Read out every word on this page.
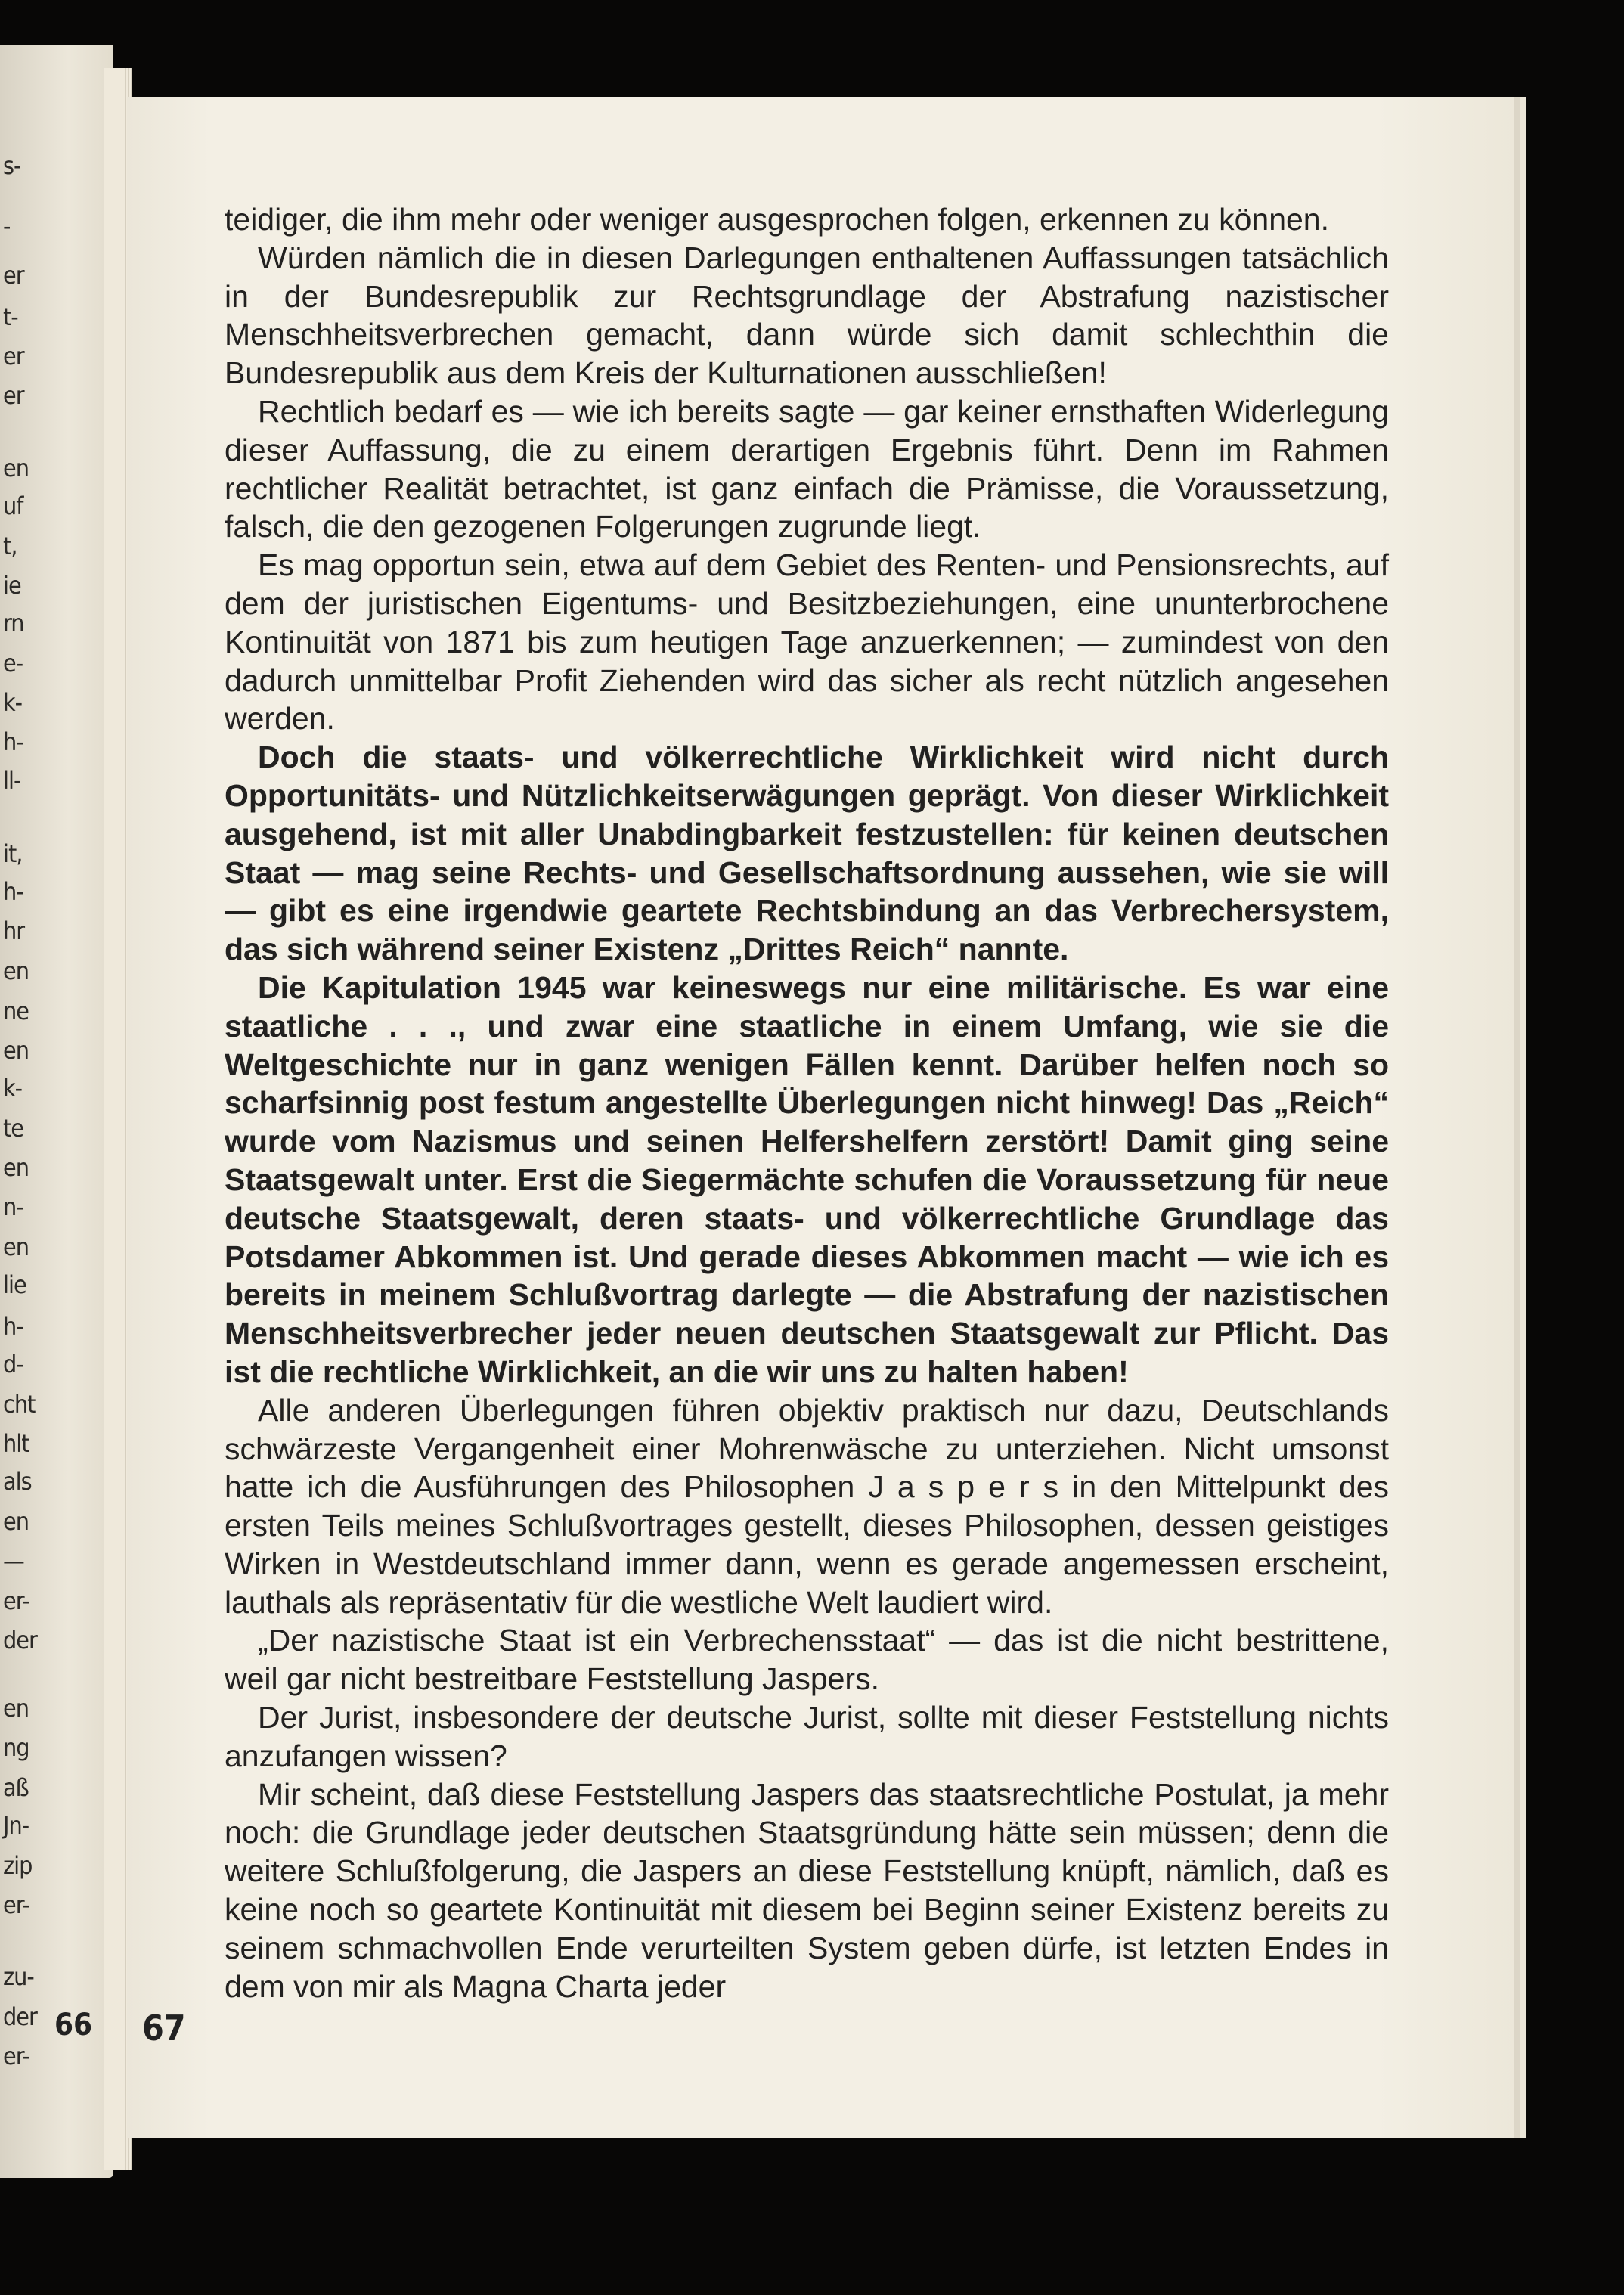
s-
-
er
t-
er
er
en
uf
t,
ie
rn
e-
k-
h-
ll-
it,
h-
hr
en
ne
en
k-
te
en
n-
en
lie
h-
d-
cht
hlt
als
en
—
er-
der
en
ng
aß
Jn-
zip
er-
zu-
der
er-
66

teidiger, die ihm mehr oder weniger ausgesprochen folgen, erkennen zu können.

Würden nämlich die in diesen Darlegungen enthaltenen Auffassungen tatsächlich in der Bundesrepublik zur Rechtsgrundlage der Abstrafung nazistischer Menschheitsverbrechen gemacht, dann würde sich damit schlechthin die Bundesrepublik aus dem Kreis der Kulturnationen ausschließen!

Rechtlich bedarf es — wie ich bereits sagte — gar keiner ernsthaften Widerlegung dieser Auffassung, die zu einem derartigen Ergebnis führt. Denn im Rahmen rechtlicher Realität betrachtet, ist ganz einfach die Prämisse, die Voraussetzung, falsch, die den gezogenen Folgerungen zugrunde liegt.

Es mag opportun sein, etwa auf dem Gebiet des Renten- und Pensionsrechts, auf dem der juristischen Eigentums- und Besitzbeziehungen, eine ununterbrochene Kontinuität von 1871 bis zum heutigen Tage anzuerkennen; — zumindest von den dadurch unmittelbar Profit Ziehenden wird das sicher als recht nützlich angesehen werden.

Doch die staats- und völkerrechtliche Wirklichkeit wird nicht durch Opportunitäts- und Nützlichkeitserwägungen geprägt. Von dieser Wirklichkeit ausgehend, ist mit aller Unabdingbarkeit festzustellen: für keinen deutschen Staat — mag seine Rechts- und Gesellschaftsordnung aussehen, wie sie will — gibt es eine irgendwie geartete Rechtsbindung an das Verbrechersystem, das sich während seiner Existenz „Drittes Reich“ nannte.

Die Kapitulation 1945 war keineswegs nur eine militärische. Es war eine staatliche . . ., und zwar eine staatliche in einem Umfang, wie sie die Weltgeschichte nur in ganz wenigen Fällen kennt. Darüber helfen noch so scharfsinnig post festum angestellte Überlegungen nicht hinweg! Das „Reich“ wurde vom Nazismus und seinen Helfershelfern zerstört! Damit ging seine Staatsgewalt unter. Erst die Siegermächte schufen die Voraussetzung für neue deutsche Staatsgewalt, deren staats- und völkerrechtliche Grundlage das Potsdamer Abkommen ist. Und gerade dieses Abkommen macht — wie ich es bereits in meinem Schlußvortrag darlegte — die Abstrafung der nazistischen Menschheitsverbrecher jeder neuen deutschen Staatsgewalt zur Pflicht. Das ist die rechtliche Wirklichkeit, an die wir uns zu halten haben!

Alle anderen Überlegungen führen objektiv praktisch nur dazu, Deutschlands schwärzeste Vergangenheit einer Mohrenwäsche zu unterziehen. Nicht umsonst hatte ich die Ausführungen des Philosophen J a s p e r s in den Mittelpunkt des ersten Teils meines Schlußvortrages gestellt, dieses Philosophen, dessen geistiges Wirken in Westdeutschland immer dann, wenn es gerade angemessen erscheint, lauthals als repräsentativ für die westliche Welt laudiert wird.

„Der nazistische Staat ist ein Verbrechensstaat“ — das ist die nicht bestrittene, weil gar nicht bestreitbare Feststellung Jaspers.

Der Jurist, insbesondere der deutsche Jurist, sollte mit dieser Feststellung nichts anzufangen wissen?

Mir scheint, daß diese Feststellung Jaspers das staatsrechtliche Postulat, ja mehr noch: die Grundlage jeder deutschen Staatsgründung hätte sein müssen; denn die weitere Schlußfolgerung, die Jaspers an diese Feststellung knüpft, nämlich, daß es keine noch so geartete Kontinuität mit diesem bei Beginn seiner Existenz bereits zu seinem schmachvollen Ende verurteilten System geben dürfe, ist letzten Endes in dem von mir als Magna Charta jeder

67
